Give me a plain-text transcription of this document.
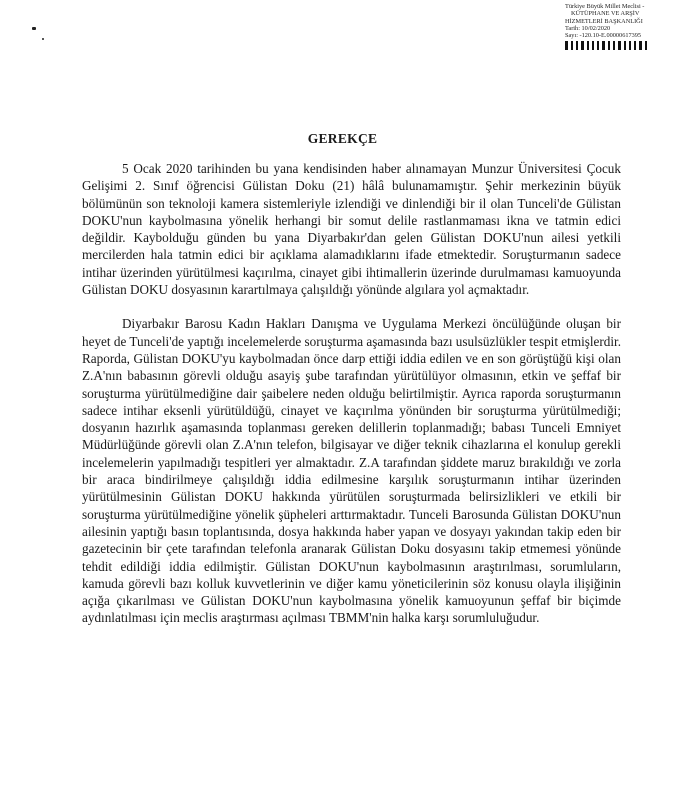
Türkiye Büyük Millet Meclisi -
KÜTÜPHANE VE ARŞİV
HİZMETLERİ BAŞKANLIĞI
Tarih: 10/02/2020
Sayı: -120.10-E.00000617395
GEREKÇE

5 Ocak 2020 tarihinden bu yana kendisinden haber alınamayan Munzur Üniversitesi Çocuk Gelişimi 2. Sınıf öğrencisi Gülistan Doku (21) hâlâ bulunamamıştır. Şehir merkezinin büyük bölümünün son teknoloji kamera sistemleriyle izlendiği ve dinlendiği bir il olan Tunceli'de Gülistan DOKU'nun kaybolmasına yönelik herhangi bir somut delile rastlanmaması ikna ve tatmin edici değildir. Kaybolduğu günden bu yana Diyarbakır'dan gelen Gülistan DOKU'nun ailesi yetkili mercilerden hala tatmin edici bir açıklama alamadıklarını ifade etmektedir. Soruşturmanın sadece intihar üzerinden yürütülmesi kaçırılma, cinayet gibi ihtimallerin üzerinde durulmaması kamuoyunda Gülistan DOKU dosyasının karartılmaya çalışıldığı yönünde algılara yol açmaktadır.

Diyarbakır Barosu Kadın Hakları Danışma ve Uygulama Merkezi öncülüğünde oluşan bir heyet de Tunceli'de yaptığı incelemelerde soruşturma aşamasında bazı usulsüzlükler tespit etmişlerdir. Raporda, Gülistan DOKU'yu kaybolmadan önce darp ettiği iddia edilen ve en son görüştüğü kişi olan Z.A'nın babasının görevli olduğu asayiş şube tarafından yürütülüyor olmasının, etkin ve şeffaf bir soruşturma yürütülmediğine dair şaibelere neden olduğu belirtilmiştir. Ayrıca raporda soruşturmanın sadece intihar eksenli yürütüldüğü, cinayet ve kaçırılma yönünden bir soruşturma yürütülmediği; dosyanın hazırlık aşamasında toplanması gereken delillerin toplanmadığı; babası Tunceli Emniyet Müdürlüğünde görevli olan Z.A'nın telefon, bilgisayar ve diğer teknik cihazlarına el konulup gerekli incelemelerin yapılmadığı tespitleri yer almaktadır. Z.A tarafından şiddete maruz bırakıldığı ve zorla bir araca bindirilmeye çalışıldığı iddia edilmesine karşılık soruşturmanın intihar üzerinden yürütülmesinin Gülistan DOKU hakkında yürütülen soruşturmada belirsizlikleri ve etkili bir soruşturma yürütülmediğine yönelik şüpheleri arttırmaktadır. Tunceli Barosunda Gülistan DOKU'nun ailesinin yaptığı basın toplantısında, dosya hakkında haber yapan ve dosyayı yakından takip eden bir gazetecinin bir çete tarafından telefonla aranarak Gülistan Doku dosyasını takip etmemesi yönünde tehdit edildiği iddia edilmiştir. Gülistan DOKU'nun kaybolmasının araştırılması, sorumluların, kamuda görevli bazı kolluk kuvvetlerinin ve diğer kamu yöneticilerinin söz konusu olayla ilişiğinin açığa çıkarılması ve Gülistan DOKU'nun kaybolmasına yönelik kamuoyunun şeffaf bir biçimde aydınlatılması için meclis araştırması açılması TBMM'nin halka karşı sorumluluğudur.
